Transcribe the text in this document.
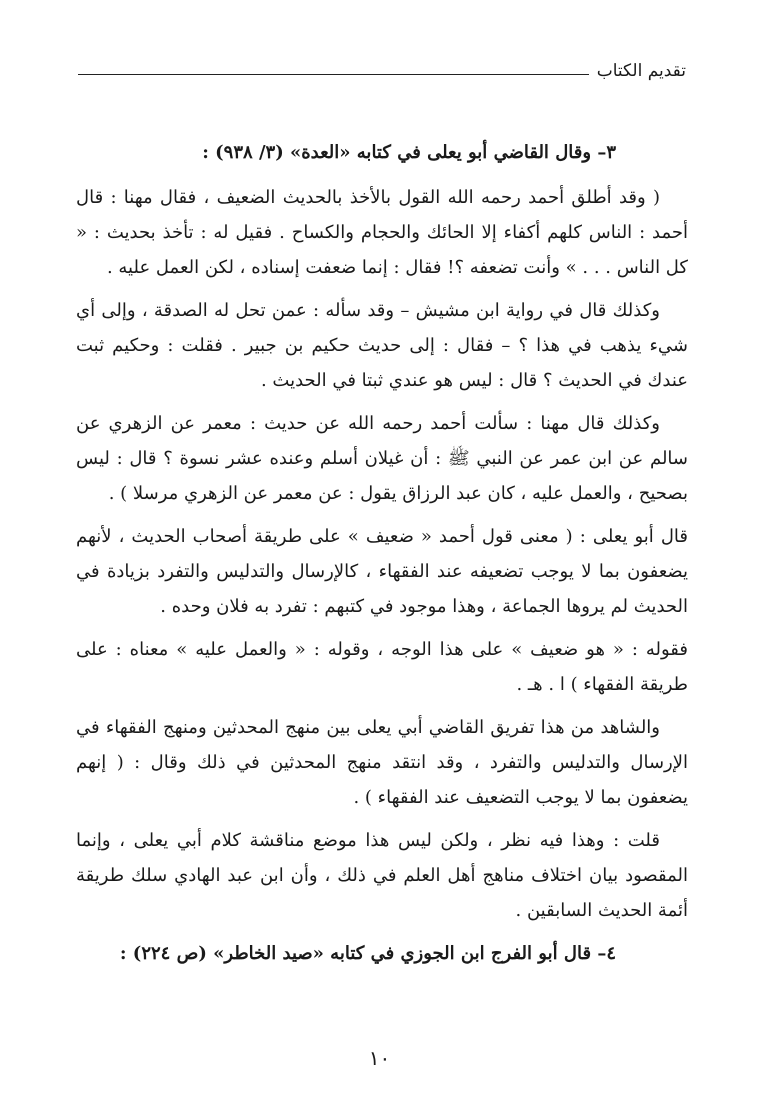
تقديم الكتاب

٣– وقال القاضي أبو يعلى في كتابه «العدة» (٣/ ٩٣٨) :

( وقد أطلق أحمد رحمه الله القول بالأخذ بالحديث الضعيف ، فقال مهنا : قال أحمد : الناس كلهم أكفاء إلا الحائك والحجام والكساح . فقيل له : تأخذ بحديث : « كل الناس . . . » وأنت تضعفه ؟! فقال : إنما ضعفت إسناده ، لكن العمل عليه .

وكذلك قال في رواية ابن مشيش – وقد سأله : عمن تحل له الصدقة ، وإلى أي شيء يذهب في هذا ؟ – فقال : إلى حديث حكيم بن جبير . فقلت : وحكيم ثبت عندك في الحديث ؟ قال : ليس هو عندي ثبتا في الحديث .

وكذلك قال مهنا : سألت أحمد رحمه الله عن حديث : معمر عن الزهري عن سالم عن ابن عمر عن النبي ﷺ : أن غيلان أسلم وعنده عشر نسوة ؟ قال : ليس بصحيح ، والعمل عليه ، كان عبد الرزاق يقول : عن معمر عن الزهري مرسلا ) .

قال أبو يعلى : ( معنى قول أحمد « ضعيف » على طريقة أصحاب الحديث ، لأنهم يضعفون بما لا يوجب تضعيفه عند الفقهاء ، كالإرسال والتدليس والتفرد بزيادة في الحديث لم يروها الجماعة ، وهذا موجود في كتبهم : تفرد به فلان وحده .

فقوله : « هو ضعيف » على هذا الوجه ، وقوله : « والعمل عليه » معناه : على طريقة الفقهاء ) ا . هـ .

والشاهد من هذا تفريق القاضي أبي يعلى بين منهج المحدثين ومنهج الفقهاء في الإرسال والتدليس والتفرد ، وقد انتقد منهج المحدثين في ذلك وقال : ( إنهم يضعفون بما لا يوجب التضعيف عند الفقهاء ) .

قلت : وهذا فيه نظر ، ولكن ليس هذا موضع مناقشة كلام أبي يعلى ، وإنما المقصود بيان اختلاف مناهج أهل العلم في ذلك ، وأن ابن عبد الهادي سلك طريقة أئمة الحديث السابقين .

٤– قال أبو الفرج ابن الجوزي في كتابه «صيد الخاطر» (ص ٢٢٤) :

١٠
